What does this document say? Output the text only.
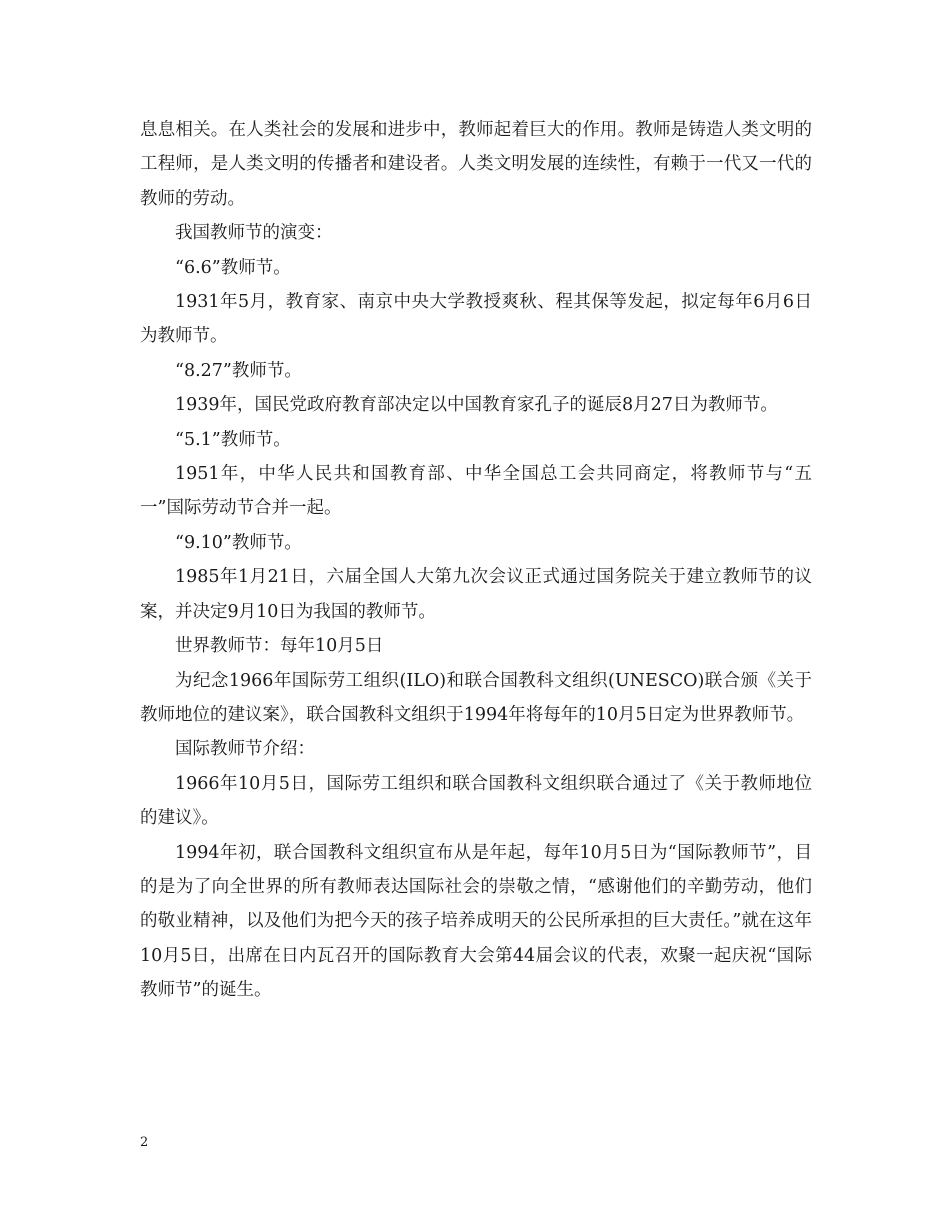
息息相关。在人类社会的发展和进步中，教师起着巨大的作用。教师是铸造人类文明的工程师，是人类文明的传播者和建设者。人类文明发展的连续性，有赖于一代又一代的教师的劳动。

我国教师节的演变：

“6.6”教师节。

1931年5月，教育家、南京中央大学教授爽秋、程其保等发起，拟定每年6月6日为教师节。

“8.27”教师节。

1939年，国民党政府教育部决定以中国教育家孔子的诞辰8月27日为教师节。

“5.1”教师节。

1951年，中华人民共和国教育部、中华全国总工会共同商定，将教师节与“五一”国际劳动节合并一起。

“9.10”教师节。

1985年1月21日，六届全国人大第九次会议正式通过国务院关于建立教师节的议案，并决定9月10日为我国的教师节。

世界教师节：每年10月5日

为纪念1966年国际劳工组织(ILO)和联合国教科文组织(UNESCO)联合颁《关于教师地位的建议案》，联合国教科文组织于1994年将每年的10月5日定为世界教师节。

国际教师节介绍：

1966年10月5日，国际劳工组织和联合国教科文组织联合通过了《关于教师地位的建议》。

1994年初，联合国教科文组织宣布从是年起，每年10月5日为“国际教师节”，目的是为了向全世界的所有教师表达国际社会的崇敬之情，“感谢他们的辛勤劳动，他们的敬业精神，以及他们为把今天的孩子培养成明天的公民所承担的巨大责任。”就在这年10月5日，出席在日内瓦召开的国际教育大会第44届会议的代表，欢聚一起庆祝“国际教师节”的诞生。

2
